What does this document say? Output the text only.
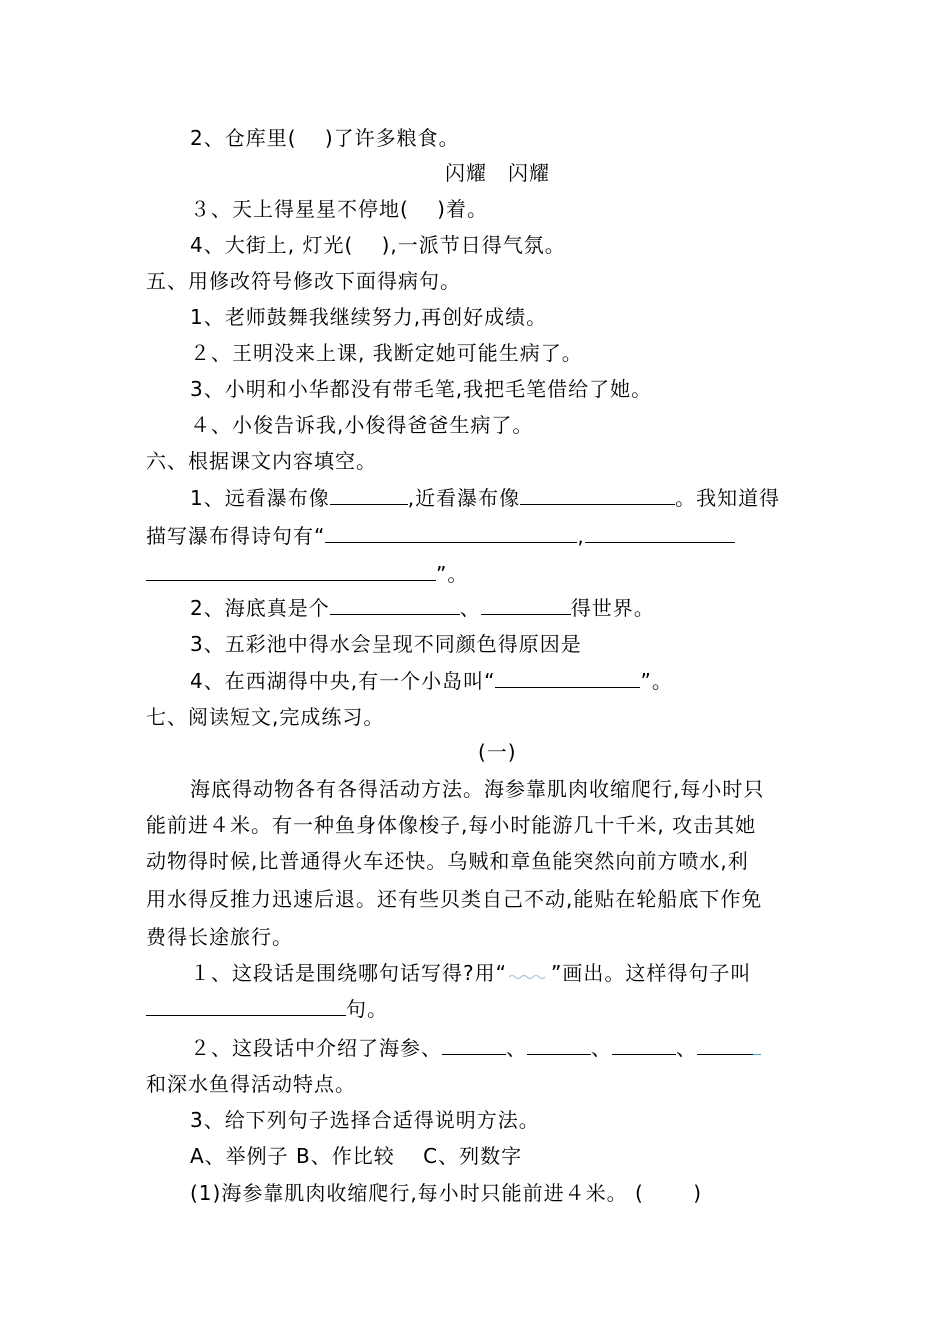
2、仓库里(　 )了许多粮食。
闪耀　闪耀
３、天上得星星不停地(　 )着。
4、大街上, 灯光(　 ),一派节日得气氛。
五、用修改符号修改下面得病句。
1、老师鼓舞我继续努力,再创好成绩。
２、王明没来上课, 我断定她可能生病了。
3、小明和小华都没有带毛笔,我把毛笔借给了她。
４、小俊告诉我,小俊得爸爸生病了。
六、根据课文内容填空。
1、远看瀑布像	,近看瀑布像	。我知道得
描写瀑布得诗句有“	,
”。
2、海底真是个	、	得世界。
3、五彩池中得水会呈现不同颜色得原因是
4、在西湖得中央,有一个小岛叫“	”。
七、阅读短文,完成练习。
(一)
海底得动物各有各得活动方法。海参靠肌肉收缩爬行,每小时只
能前进４米。有一种鱼身体像梭子,每小时能游几十千米, 攻击其她
动物得时候,比普通得火车还快。乌贼和章鱼能突然向前方喷水,利
用水得反推力迅速后退。还有些贝类自己不动,能贴在轮船底下作免
费得长途旅行。
１、这段话是围绕哪句话写得?用“ ”画出。这样得句子叫
句。
２、这段话中介绍了海参、	、	、	、
和深水鱼得活动特点。
3、给下列句子选择合适得说明方法。
A、举例子 B、作比较　 C、列数字
(1)海参靠肌肉收缩爬行,每小时只能前进４米。 (　　 )
